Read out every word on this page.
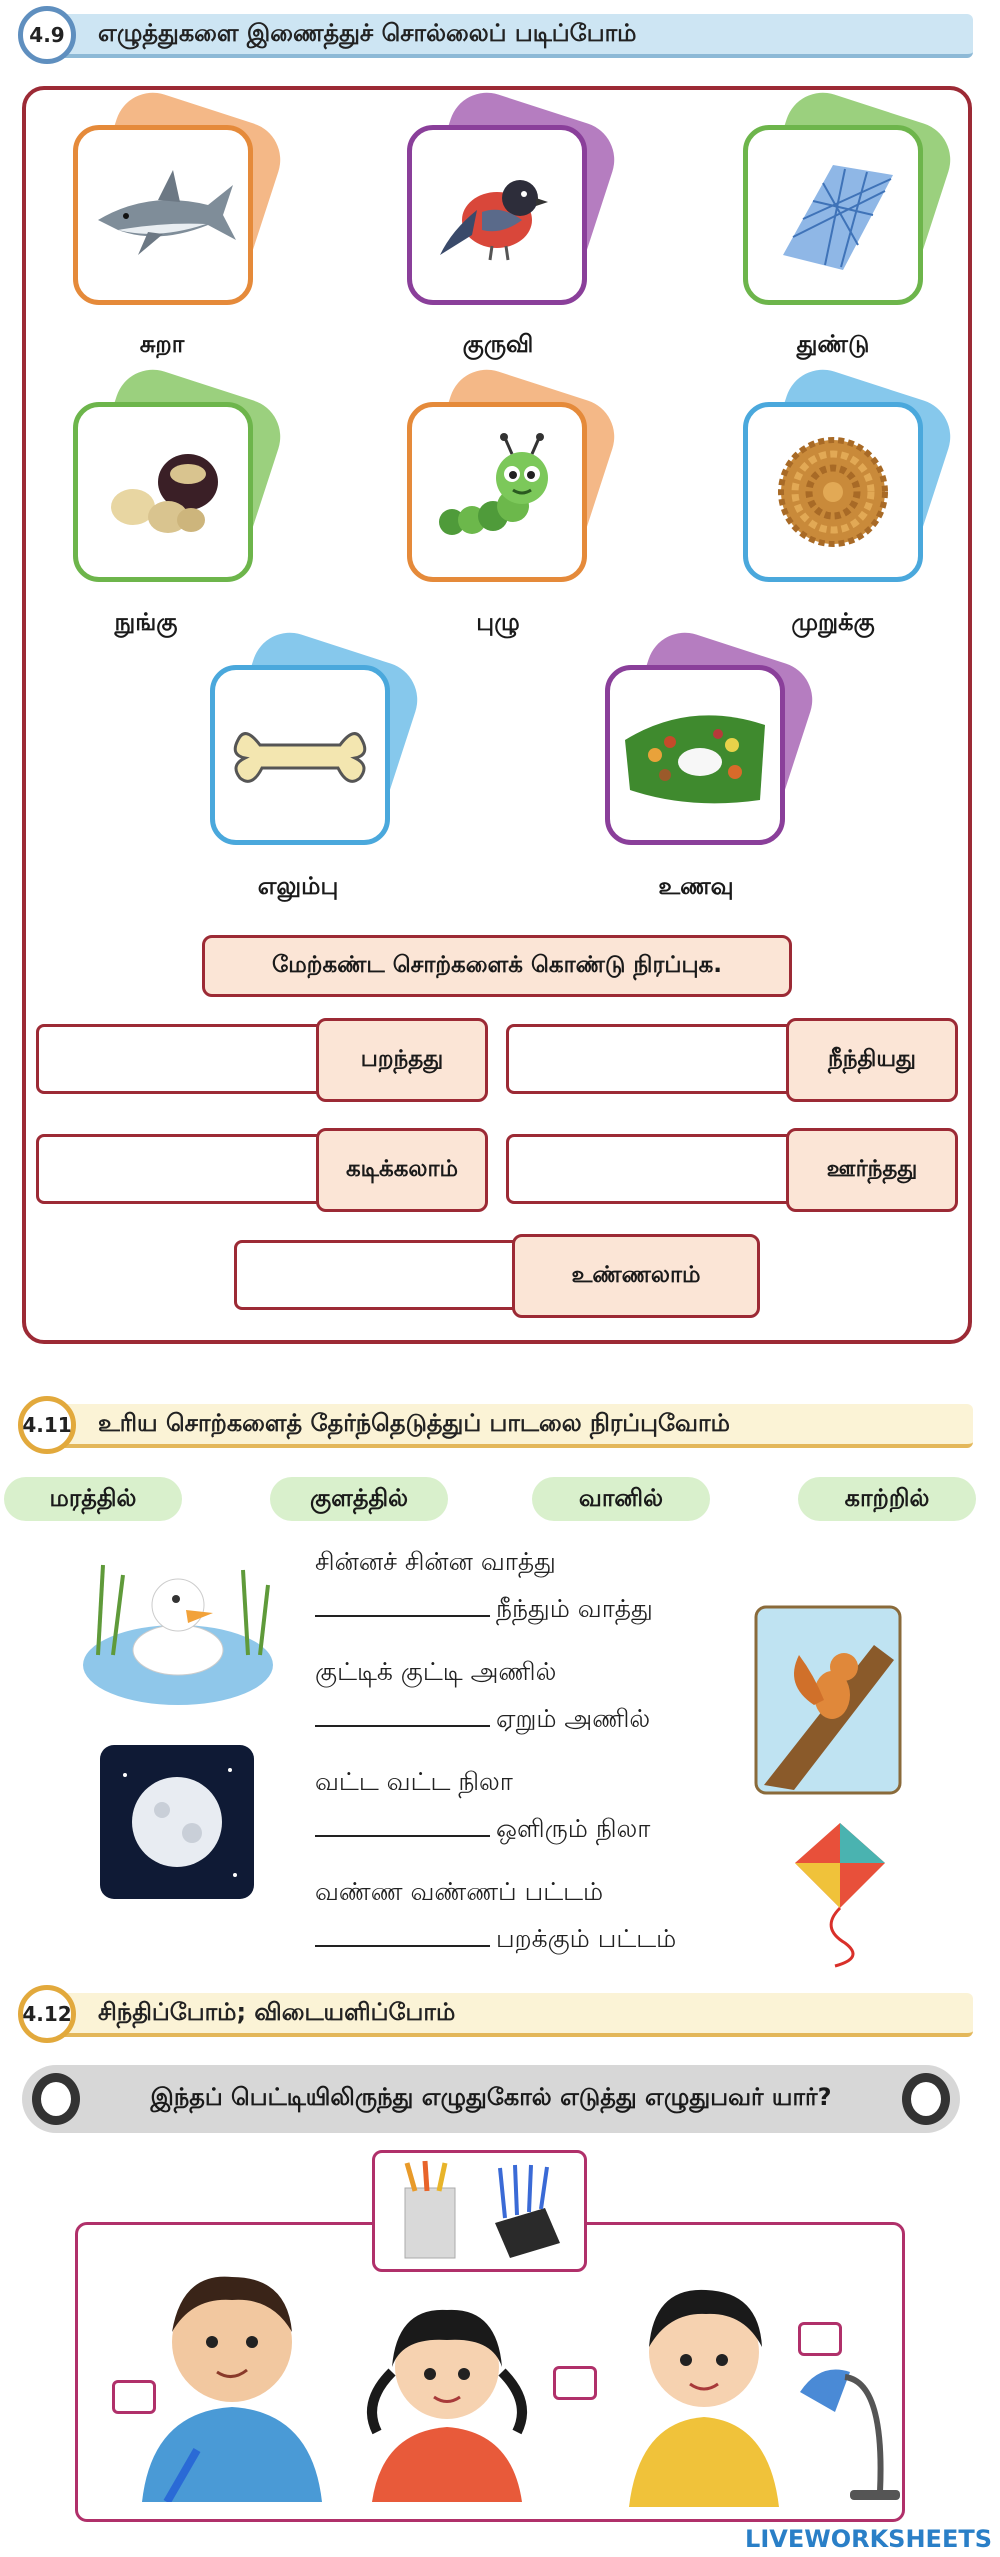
4.9	எழுத்துகளை இணைத்துச் சொல்லைப் படிப்போம்
சுறா	குருவி	துண்டு
நுங்கு	புழு	முறுக்கு
எலும்பு	உணவு
மேற்கண்ட சொற்களைக் கொண்டு நிரப்புக.
பறந்தது	நீந்தியது
கடிக்கலாம்	ஊர்ந்தது
உண்ணலாம்
4.11 உரிய சொற்களைத் தேர்ந்தெடுத்துப் பாடலை நிரப்புவோம்
மரத்தில்	குளத்தில்	வானில்	காற்றில்
சின்னச் சின்ன வாத்து
நீந்தும் வாத்து
குட்டிக் குட்டி அணில்
ஏறும் அணில்
வட்ட வட்ட நிலா
ஒளிரும் நிலா
வண்ண வண்ணப் பட்டம்
பறக்கும் பட்டம்
4.12 சிந்திப்போம்; விடையளிப்போம்
இந்தப் பெட்டியிலிருந்து எழுதுகோல் எடுத்து எழுதுபவர் யார்?
LIVEWORKSHEETS
